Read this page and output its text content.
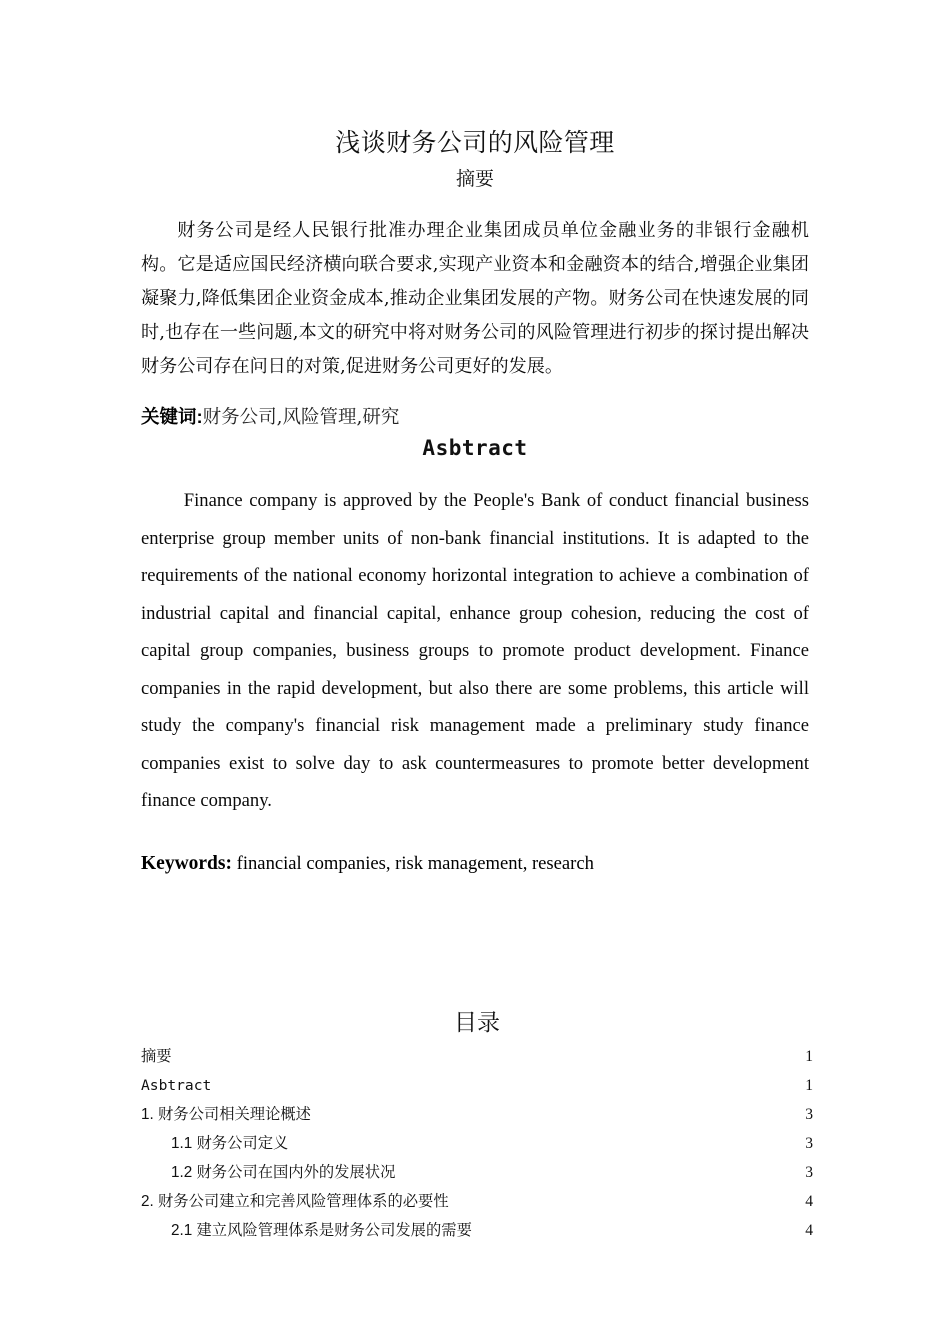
浅谈财务公司的风险管理
摘要

财务公司是经人民银行批准办理企业集团成员单位金融业务的非银行金融机构。它是适应国民经济横向联合要求,实现产业资本和金融资本的结合,增强企业集团凝聚力,降低集团企业资金成本,推动企业集团发展的产物。财务公司在快速发展的同时,也存在一些问题,本文的研究中将对财务公司的风险管理进行初步的探讨提出解决财务公司存在问日的对策,促进财务公司更好的发展。

关键词:财务公司,风险管理,研究

Asbtract

Finance company is approved by the People's Bank of conduct financial business enterprise group member units of non-bank financial institutions. It is adapted to the requirements of the national economy horizontal integration to achieve a combination of industrial capital and financial capital, enhance group cohesion, reducing the cost of capital group companies, business groups to promote product development. Finance companies in the rapid development, but also there are some problems, this article will study the company's financial risk management made a preliminary study finance companies exist to solve day to ask countermeasures to promote better development finance company.

Keywords: financial companies, risk management, research

目录
摘要 .....	1
Asbtract .....	1
1. 财务公司相关理论概述 .....	3
1.1 财务公司定义 .....	3
1.2 财务公司在国内外的发展状况 .....	3
2. 财务公司建立和完善风险管理体系的必要性 .....	4
2.1 建立风险管理体系是财务公司发展的需要 .....	4
